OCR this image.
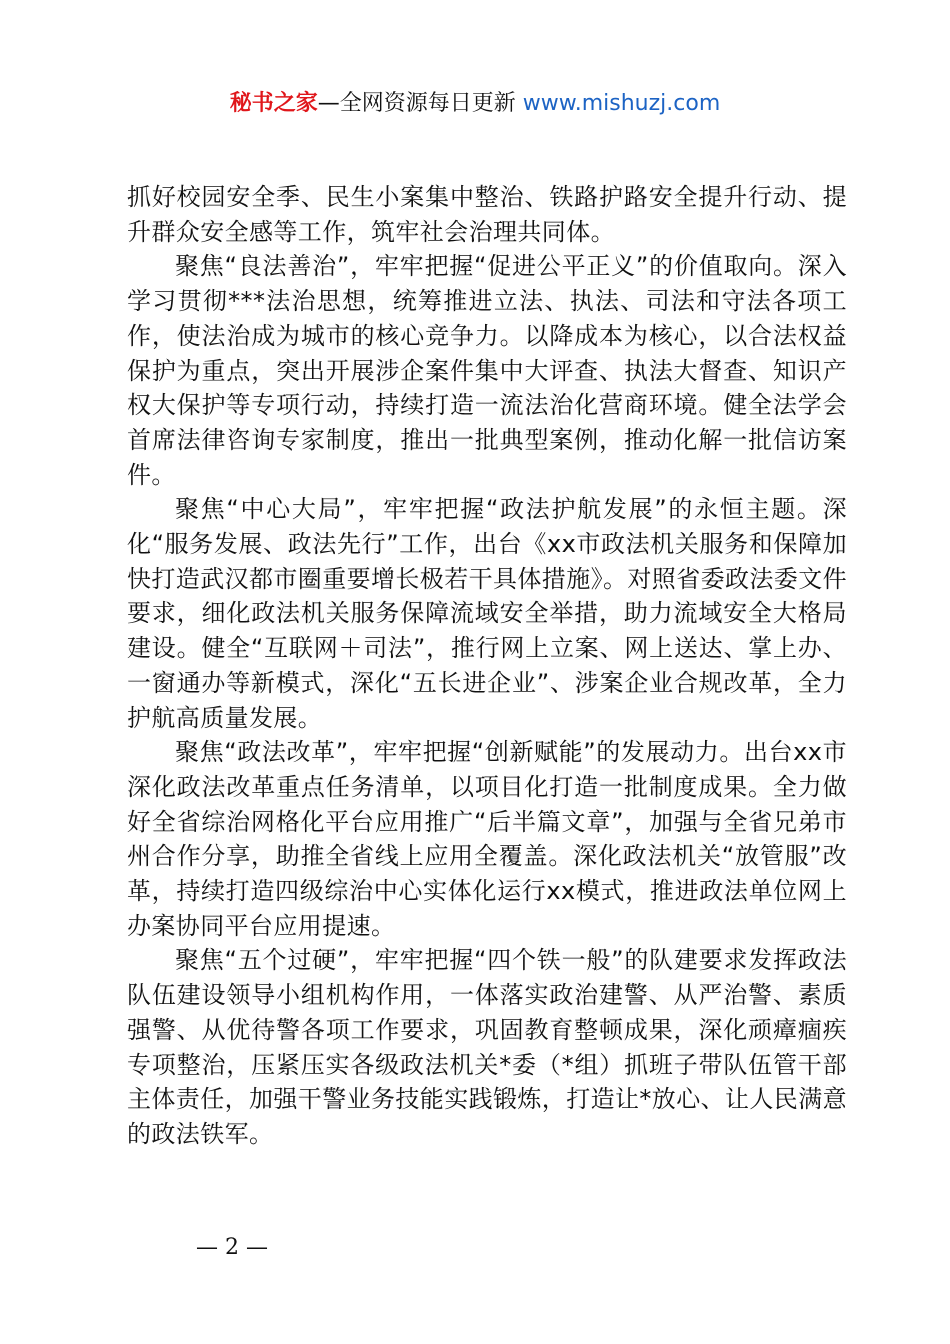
秘书之家—全网资源每日更新 www.mishuzj.com

抓好校园安全季、民生小案集中整治、铁路护路安全提升行动、提升群众安全感等工作，筑牢社会治理共同体。

聚焦“良法善治”，牢牢把握“促进公平正义”的价值取向。深入学习贯彻***法治思想，统筹推进立法、执法、司法和守法各项工作，使法治成为城市的核心竞争力。以降成本为核心，以合法权益保护为重点，突出开展涉企案件集中大评查、执法大督查、知识产权大保护等专项行动，持续打造一流法治化营商环境。健全法学会首席法律咨询专家制度，推出一批典型案例，推动化解一批信访案件。

聚焦“中心大局”，牢牢把握“政法护航发展”的永恒主题。深化“服务发展、政法先行”工作，出台《xx市政法机关服务和保障加快打造武汉都市圈重要增长极若干具体措施》。对照省委政法委文件要求，细化政法机关服务保障流域安全举措，助力流域安全大格局建设。健全“互联网＋司法”，推行网上立案、网上送达、掌上办、一窗通办等新模式，深化“五长进企业”、涉案企业合规改革，全力护航高质量发展。

聚焦“政法改革”，牢牢把握“创新赋能”的发展动力。出台xx市深化政法改革重点任务清单，以项目化打造一批制度成果。全力做好全省综治网格化平台应用推广“后半篇文章”，加强与全省兄弟市州合作分享，助推全省线上应用全覆盖。深化政法机关“放管服”改革，持续打造四级综治中心实体化运行xx模式，推进政法单位网上办案协同平台应用提速。

聚焦“五个过硬”，牢牢把握“四个铁一般”的队建要求发挥政法队伍建设领导小组机构作用，一体落实政治建警、从严治警、素质强警、从优待警各项工作要求，巩固教育整顿成果，深化顽瘴痼疾专项整治，压紧压实各级政法机关*委（*组）抓班子带队伍管干部主体责任，加强干警业务技能实践锻炼，打造让*放心、让人民满意的政法铁军。

— 2 —
